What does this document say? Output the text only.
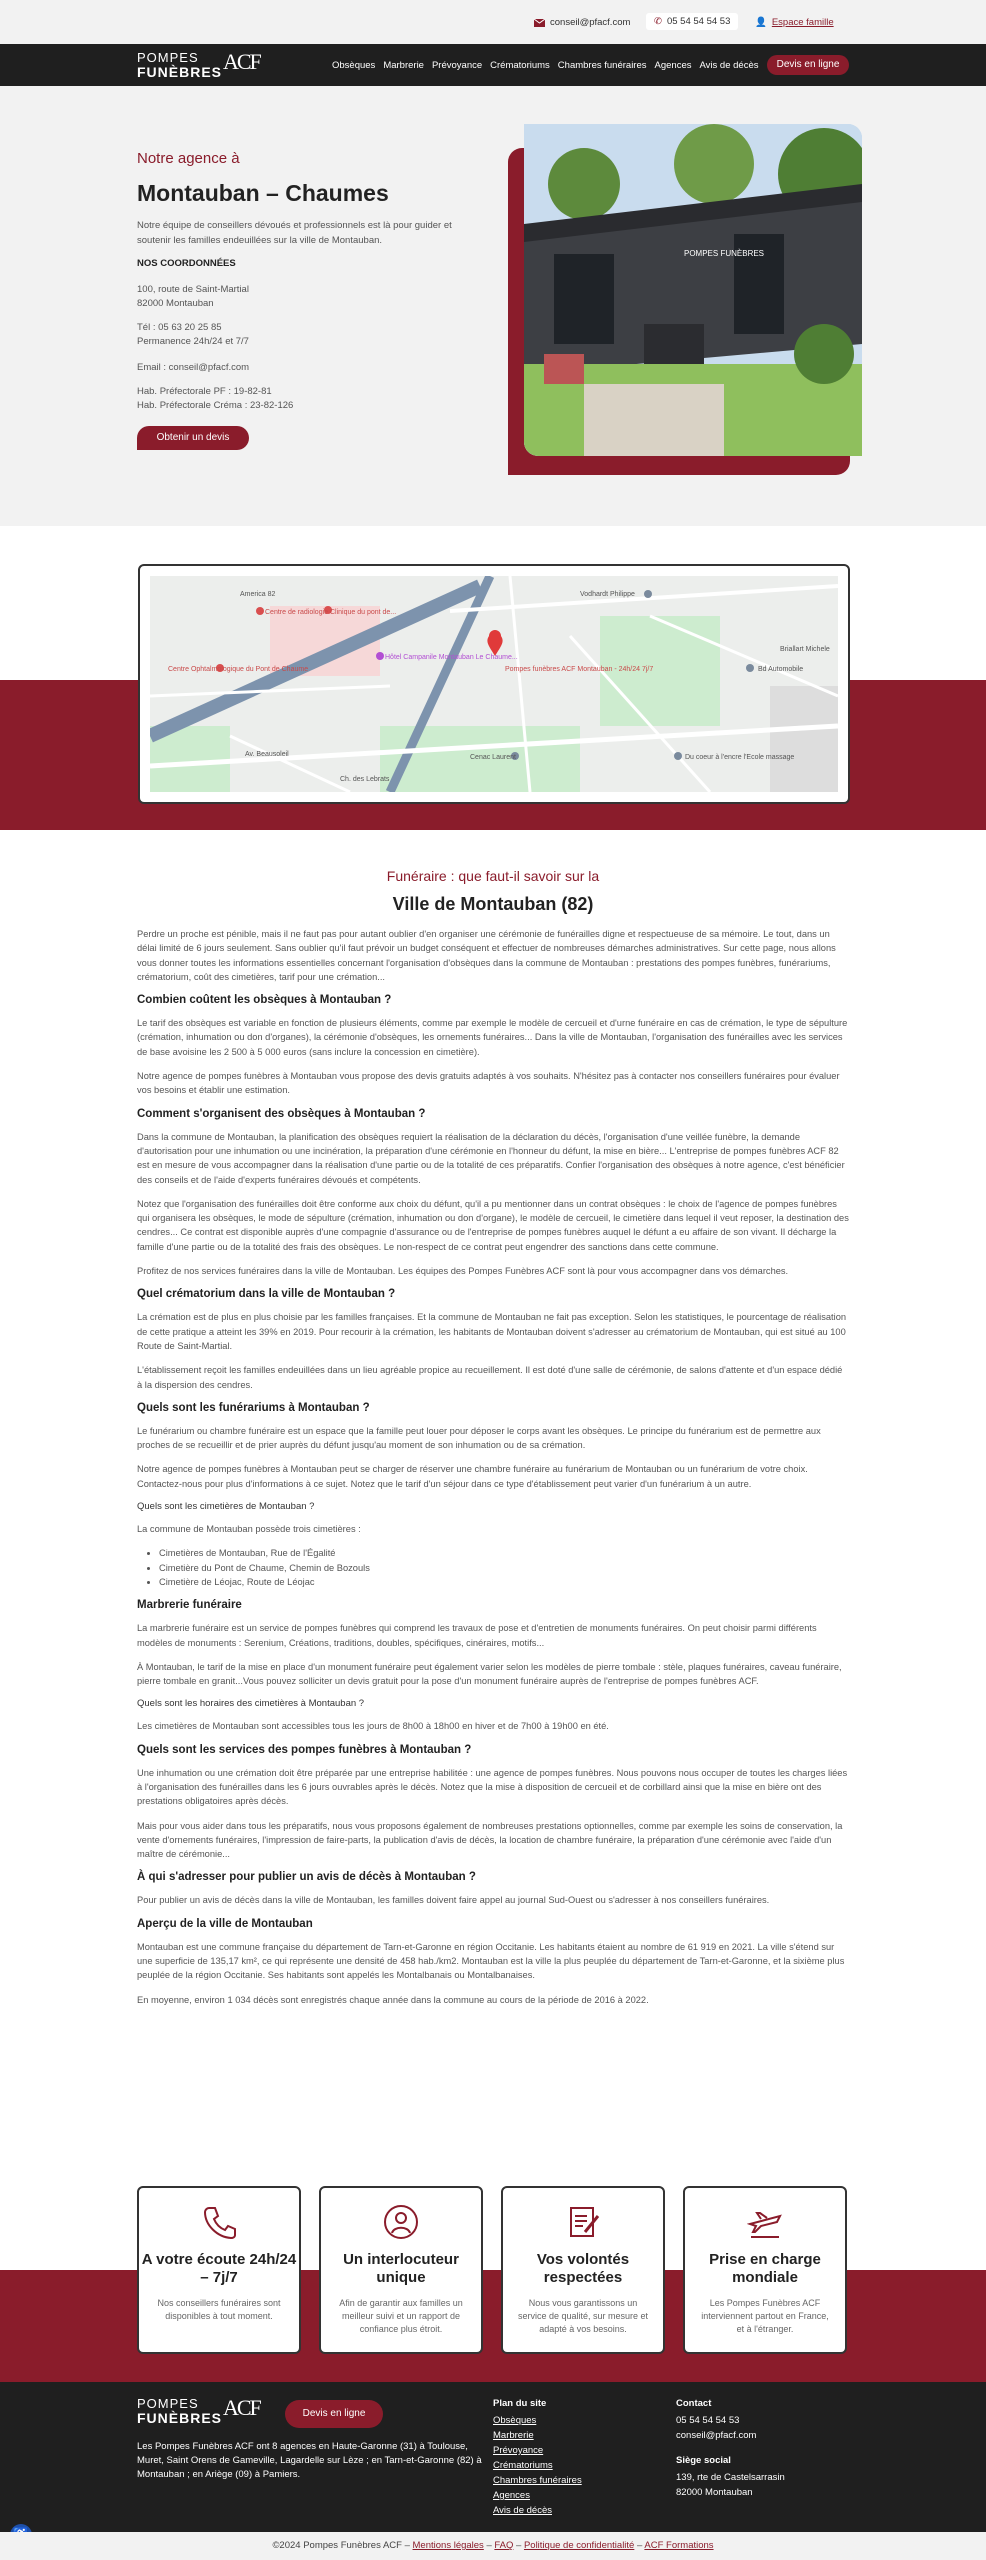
conseil@pfacf.com ✆ 05 54 54 54 53	👤 Espace famille
POMPES
FUNÈBRES ACF	Obsèques Marbrerie Prévoyance Crématoriums Chambres funéraires Agences Avis de décès	Devis en ligne
Notre agence à
Montauban – Chaumes
Notre équipe de conseillers dévoués et professionnels est là pour guider et soutenir les familles endeuillées sur la ville de Montauban.
NOS COORDONNÉES
100, route de Saint-Martial
82000 Montauban
Tél : 05 63 20 25 85
Permanence 24h/24 et 7/7
Email : conseil@pfacf.com
Hab. Préfectorale PF : 19-82-81
Hab. Préfectorale Crémа : 23-82-126
Obtenir un devis
POMPES FUNÈBRES
Centre de radiologie Clinique du pont de...
Centre Ophtalmologique du Pont de Chaume
Hôtel Campanile Montauban Le Chaume...
Pompes funèbres ACF Montauban - 24h/24 7j/7
Vodhardt Philippe
Cenac Laurent	Du coeur à l'encre l'Ecole massage
Bd Automobile
Briallart Michele
America 82
Av. Beausoleil
Ch. des Lebrats
Funéraire : que faut-il savoir sur la
Ville de Montauban (82)
Perdre un proche est pénible, mais il ne faut pas pour autant oublier d'en organiser une cérémonie de funérailles digne et respectueuse de sa mémoire. Le tout, dans un délai limité de 6 jours seulement. Sans oublier qu'il faut prévoir un budget conséquent et effectuer de nombreuses démarches administratives. Sur cette page, nous allons vous donner toutes les informations essentielles concernant l'organisation d'obsèques dans la commune de Montauban : prestations des pompes funèbres, funérariums, crématorium, coût des cimetières, tarif pour une crémation...
Combien coûtent les obsèques à Montauban ?
Le tarif des obsèques est variable en fonction de plusieurs éléments, comme par exemple le modèle de cercueil et d'urne funéraire en cas de crémation, le type de sépulture (crémation, inhumation ou don d'organes), la cérémonie d'obsèques, les ornements funéraires... Dans la ville de Montauban, l'organisation des funérailles avec les services de base avoisine les 2 500 à 5 000 euros (sans inclure la concession en cimetière).
Notre agence de pompes funèbres à Montauban vous propose des devis gratuits adaptés à vos souhaits. N'hésitez pas à contacter nos conseillers funéraires pour évaluer vos besoins et établir une estimation.
Comment s'organisent des obsèques à Montauban ?
Dans la commune de Montauban, la planification des obsèques requiert la réalisation de la déclaration du décès, l'organisation d'une veillée funèbre, la demande d'autorisation pour une inhumation ou une incinération, la préparation d'une cérémonie en l'honneur du défunt, la mise en bière... L'entreprise de pompes funèbres ACF 82 est en mesure de vous accompagner dans la réalisation d'une partie ou de la totalité de ces préparatifs. Confier l'organisation des obsèques à notre agence, c'est bénéficier des conseils et de l'aide d'experts funéraires dévoués et compétents.
Notez que l'organisation des funérailles doit être conforme aux choix du défunt, qu'il a pu mentionner dans un contrat obsèques : le choix de l'agence de pompes funèbres qui organisera les obsèques, le mode de sépulture (crémation, inhumation ou don d'organe), le modèle de cercueil, le cimetière dans lequel il veut reposer, la destination des cendres... Ce contrat est disponible auprès d'une compagnie d'assurance ou de l'entreprise de pompes funèbres auquel le défunt a eu affaire de son vivant. Il décharge la famille d'une partie ou de la totalité des frais des obsèques. Le non-respect de ce contrat peut engendrer des sanctions dans cette commune.
Profitez de nos services funéraires dans la ville de Montauban. Les équipes des Pompes Funèbres ACF sont là pour vous accompagner dans vos démarches.
Quel crématorium dans la ville de Montauban ?
La crémation est de plus en plus choisie par les familles françaises. Et la commune de Montauban ne fait pas exception. Selon les statistiques, le pourcentage de réalisation de cette pratique a atteint les 39% en 2019. Pour recourir à la crémation, les habitants de Montauban doivent s'adresser au crématorium de Montauban, qui est situé au 100 Route de Saint-Martial.
L'établissement reçoit les familles endeuillées dans un lieu agréable propice au recueillement. Il est doté d'une salle de cérémonie, de salons d'attente et d'un espace dédié à la dispersion des cendres.
Quels sont les funérariums à Montauban ?
Le funérarium ou chambre funéraire est un espace que la famille peut louer pour déposer le corps avant les obsèques. Le principe du funérarium est de permettre aux proches de se recueillir et de prier auprès du défunt jusqu'au moment de son inhumation ou de sa crémation.
Notre agence de pompes funèbres à Montauban peut se charger de réserver une chambre funéraire au funérarium de Montauban ou un funérarium de votre choix. Contactez-nous pour plus d'informations à ce sujet. Notez que le tarif d'un séjour dans ce type d'établissement peut varier d'un funérarium à un autre.
Quels sont les cimetières de Montauban ?
La commune de Montauban possède trois cimetières :
• Cimetières de Montauban, Rue de l'Égalité
• Cimetière du Pont de Chaume, Chemin de Bozouls
• Cimetière de Léojac, Route de Léojac
Marbrerie funéraire
La marbrerie funéraire est un service de pompes funèbres qui comprend les travaux de pose et d'entretien de monuments funéraires. On peut choisir parmi différents modèles de monuments : Serenium, Créations, traditions, doubles, spécifiques, cinéraires, motifs...
À Montauban, le tarif de la mise en place d'un monument funéraire peut également varier selon les modèles de pierre tombale : stèle, plaques funéraires, caveau funéraire, pierre tombale en granit...Vous pouvez solliciter un devis gratuit pour la pose d'un monument funéraire auprès de l'entreprise de pompes funèbres ACF.
Quels sont les horaires des cimetières à Montauban ?
Les cimetières de Montauban sont accessibles tous les jours de 8h00 à 18h00 en hiver et de 7h00 à 19h00 en été.
Quels sont les services des pompes funèbres à Montauban ?
Une inhumation ou une crémation doit être préparée par une entreprise habilitée : une agence de pompes funèbres. Nous pouvons nous occuper de toutes les charges liées à l'organisation des funérailles dans les 6 jours ouvrables après le décès. Notez que la mise à disposition de cercueil et de corbillard ainsi que la mise en bière ont des prestations obligatoires après décès.
Mais pour vous aider dans tous les préparatifs, nous vous proposons également de nombreuses prestations optionnelles, comme par exemple les soins de conservation, la vente d'ornements funéraires, l'impression de faire-parts, la publication d'avis de décès, la location de chambre funéraire, la préparation d'une cérémonie avec l'aide d'un maître de cérémonie...
À qui s'adresser pour publier un avis de décès à Montauban ?
Pour publier un avis de décès dans la ville de Montauban, les familles doivent faire appel au journal Sud-Ouest ou s'adresser à nos conseillers funéraires.
Aperçu de la ville de Montauban
Montauban est une commune française du département de Tarn-et-Garonne en région Occitanie. Les habitants étaient au nombre de 61 919 en 2021. La ville s'étend sur une superficie de 135,17 km², ce qui représente une densité de 458 hab./km2. Montauban est la ville la plus peuplée du département de Tarn-et-Garonne, et la sixième plus peuplée de la région Occitanie. Ses habitants sont appelés les Montalbanais ou Montalbanaises.
En moyenne, environ 1 034 décès sont enregistrés chaque année dans la commune au cours de la période de 2016 à 2022.
A votre écoute 24h/24 – 7j/7

Nos conseillers funéraires sont disponibles à tout moment.

Un interlocuteur unique

Afin de garantir aux familles un meilleur suivi et un rapport de confiance plus étroit.

Vos volontés respectées

Nous vous garantissons un service de qualité, sur mesure et adapté à vos besoins.

Prise en charge mondiale

Les Pompes Funèbres ACF interviennent partout en France, et à l'étranger.

POMPES
FUNÈBRES ACF	Devis en ligne
Les Pompes Funèbres ACF ont 8 agences en Haute-Garonne (31) à Toulouse, Muret, Saint Orens de Gameville, Lagardelle sur Lèze ; en Tarn-et-Garonne (82) à Montauban ; en Ariège (09) à Pamiers.
Plan du site
Obsèques
Marbrerie
Prévoyance
Crématoriums
Chambres funéraires
Agences
Avis de décès
Contact
05 54 54 54 53
conseil@pfacf.com
Siège social
139, rte de Castelsarrasin
82000 Montauban
©2024 Pompes Funèbres ACF – Mentions légales – FAQ – Politique de confidentialité – ACF Formations
